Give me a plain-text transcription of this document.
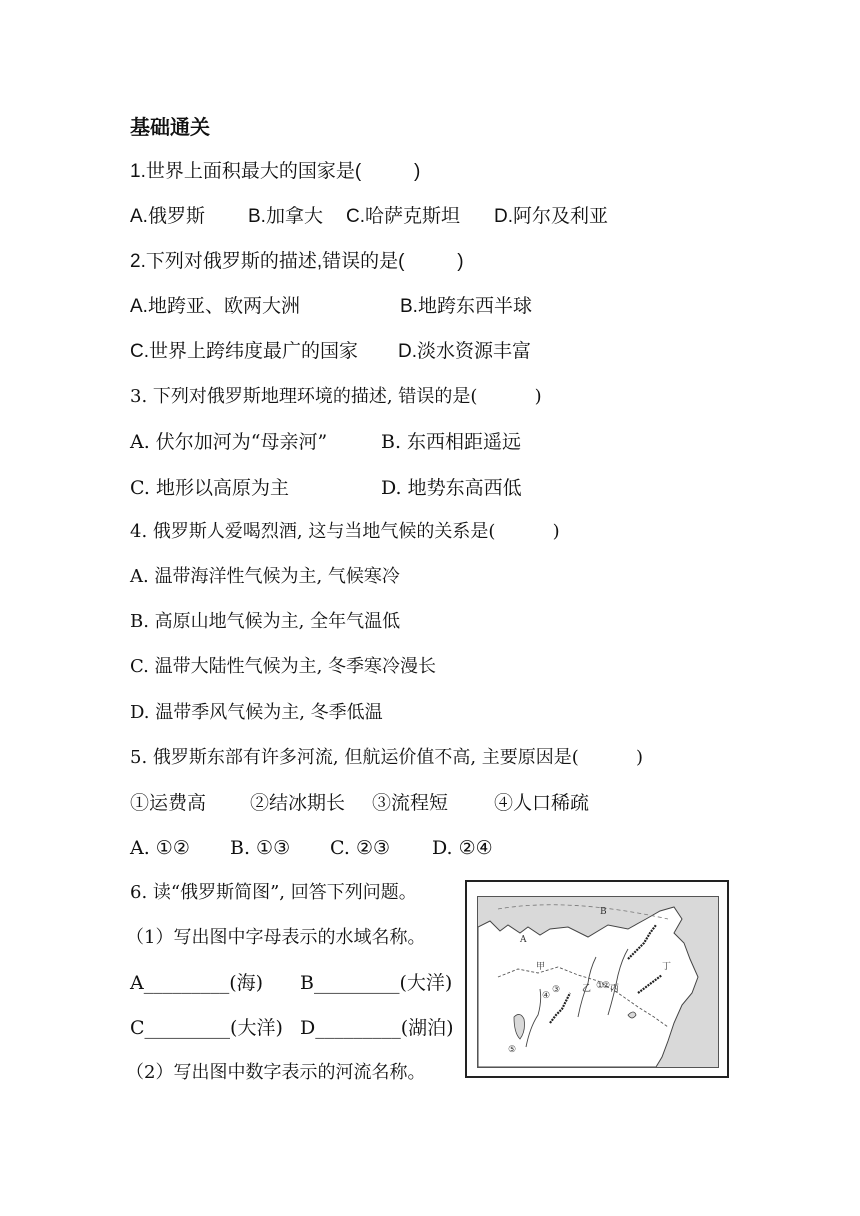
基础通关
1.世界上面积最大的国家是(          )
A.俄罗斯 B.加拿大 C.哈萨克斯坦 D.阿尔及利亚
2.下列对俄罗斯的描述,错误的是(          )
A.地跨亚、欧两大洲	B.地跨东西半球
C.世界上跨纬度最广的国家 D.淡水资源丰富
3. 下列对俄罗斯地理环境的描述, 错误的是(          )
A. 伏尔加河为“母亲河”	B. 东西相距遥远
C. 地形以高原为主	D. 地势东高西低
4. 俄罗斯人爱喝烈酒, 这与当地气候的关系是(          )
A. 温带海洋性气候为主, 气候寒冷
B. 高原山地气候为主, 全年气温低
C. 温带大陆性气候为主, 冬季寒冷漫长
D. 温带季风气候为主, 冬季低温
5. 俄罗斯东部有许多河流, 但航运价值不高, 主要原因是(          )
①运费高 ②结冰期长 ③流程短 ④人口稀疏
A. ①② B. ①③ C. ②③ D. ②④
6. 读“俄罗斯简图”, 回答下列问题。
（1）写出图中字母表示的水域名称。
A_________(海) B_________(大洋)
C_________(大洋) D_________(湖泊)
（2）写出图中数字表示的河流名称。
B
A
甲
乙 丙
丁
①
②
③
④
⑤
